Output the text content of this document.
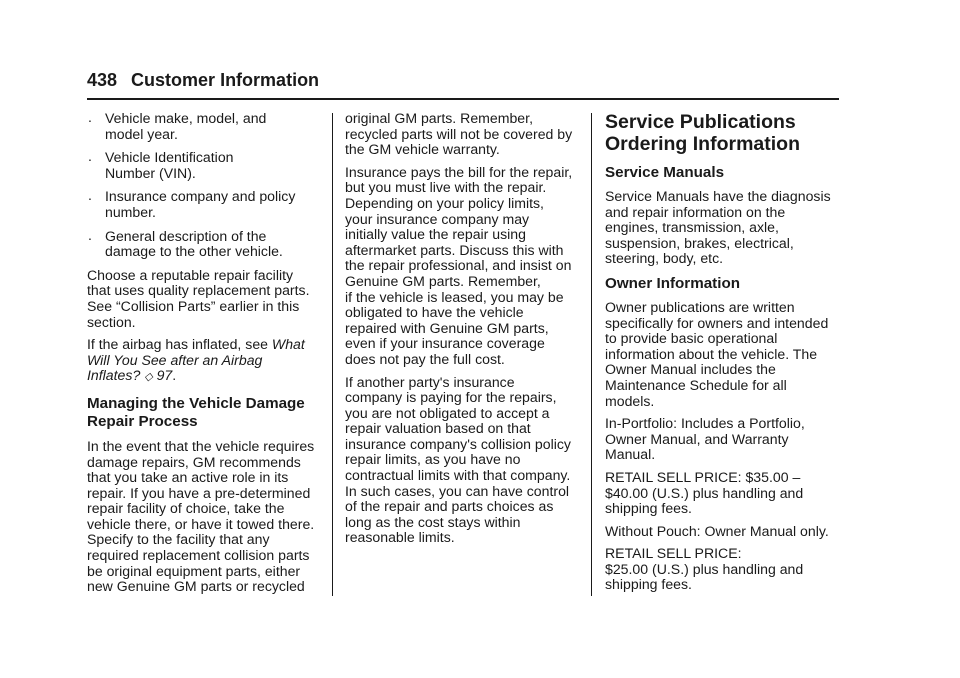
438 Customer Information
. Vehicle make, model, and
model year.
. Vehicle Identification
Number (VIN).
. Insurance company and policy
number.
. General description of the
damage to the other vehicle.

Choose a reputable repair facility
that uses quality replacement parts.
See “Collision Parts” earlier in this
section.

If the airbag has inflated, see What
Will You See after an Airbag
Inflates? ◇ 97.

Managing the Vehicle Damage
Repair Process

In the event that the vehicle requires
damage repairs, GM recommends
that you take an active role in its
repair. If you have a pre-determined
repair facility of choice, take the
vehicle there, or have it towed there.
Specify to the facility that any
required replacement collision parts
be original equipment parts, either
new Genuine GM parts or recycled

original GM parts. Remember,
recycled parts will not be covered by
the GM vehicle warranty.

Insurance pays the bill for the repair,
but you must live with the repair.
Depending on your policy limits,
your insurance company may
initially value the repair using
aftermarket parts. Discuss this with
the repair professional, and insist on
Genuine GM parts. Remember,
if the vehicle is leased, you may be
obligated to have the vehicle
repaired with Genuine GM parts,
even if your insurance coverage
does not pay the full cost.

If another party's insurance
company is paying for the repairs,
you are not obligated to accept a
repair valuation based on that
insurance company's collision policy
repair limits, as you have no
contractual limits with that company.
In such cases, you can have control
of the repair and parts choices as
long as the cost stays within
reasonable limits.

Service Publications
Ordering Information
Service Manuals

Service Manuals have the diagnosis
and repair information on the
engines, transmission, axle,
suspension, brakes, electrical,
steering, body, etc.

Owner Information

Owner publications are written
specifically for owners and intended
to provide basic operational
information about the vehicle. The
Owner Manual includes the
Maintenance Schedule for all
models.

In-Portfolio: Includes a Portfolio,
Owner Manual, and Warranty
Manual.

RETAIL SELL PRICE: $35.00 –
$40.00 (U.S.) plus handling and
shipping fees.

Without Pouch: Owner Manual only.

RETAIL SELL PRICE:
$25.00 (U.S.) plus handling and
shipping fees.
